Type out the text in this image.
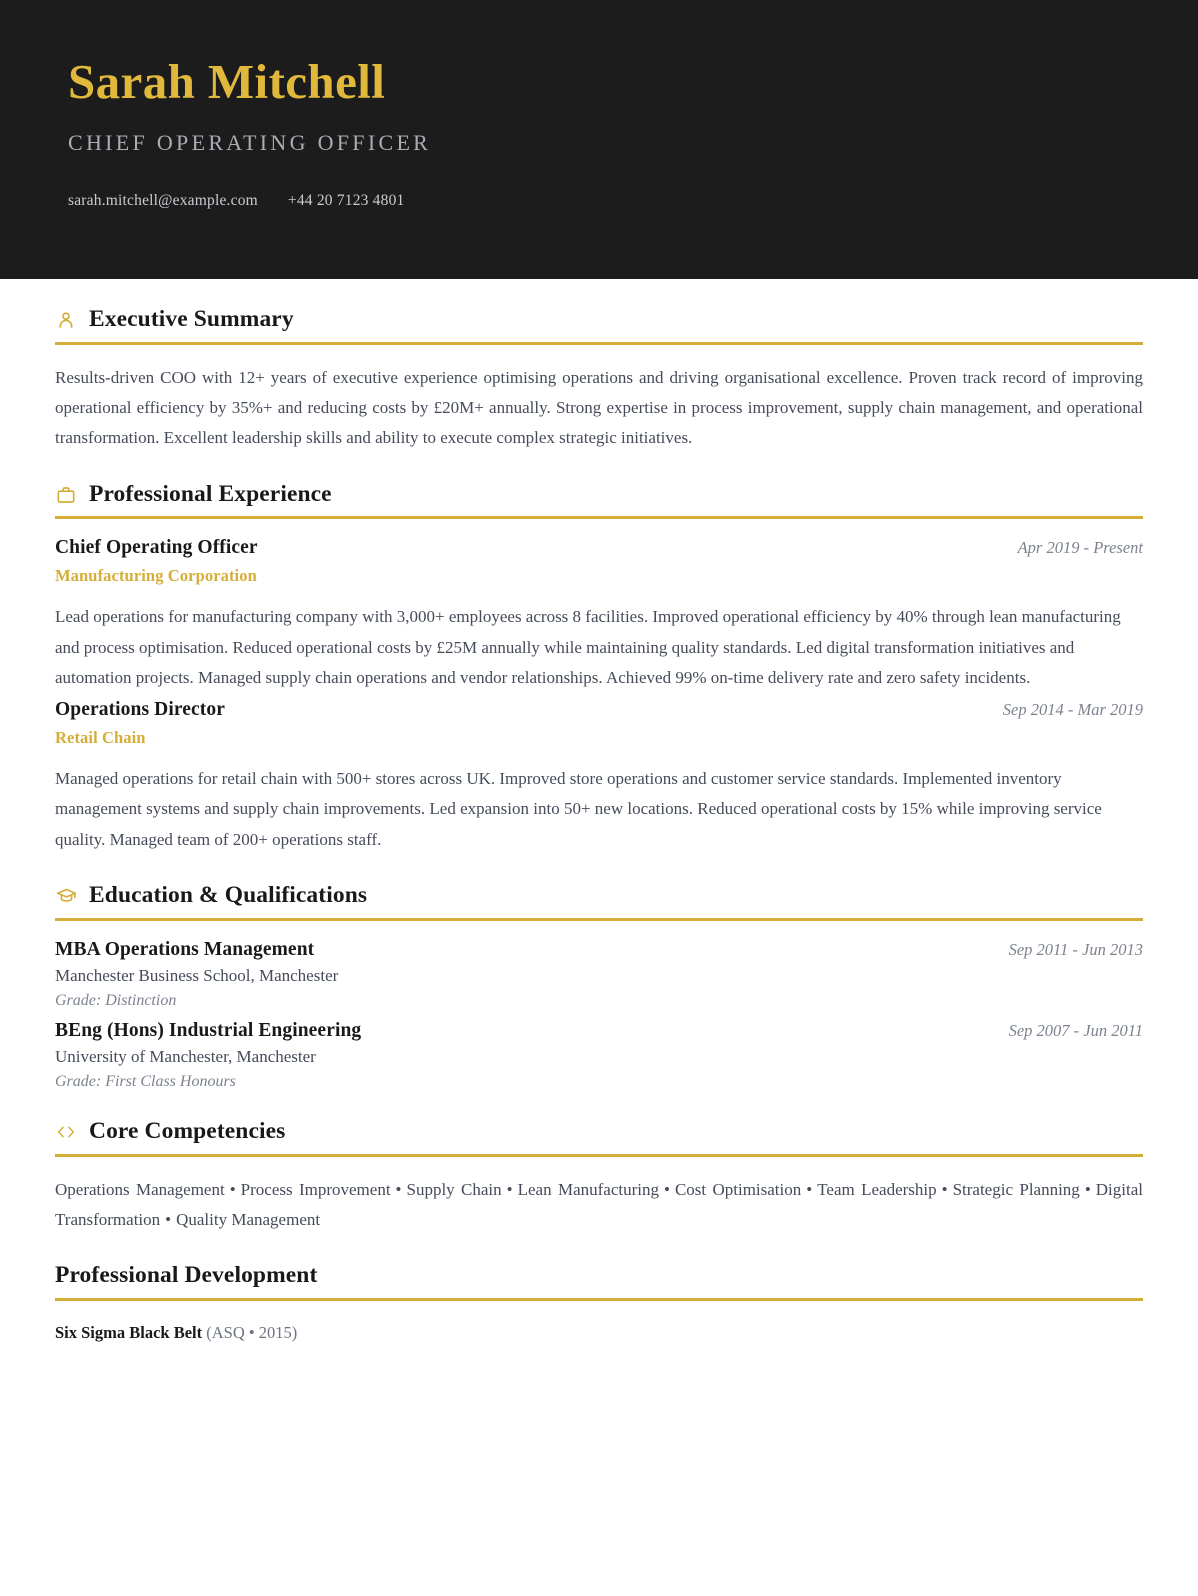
Sarah Mitchell
CHIEF OPERATING OFFICER
sarah.mitchell@example.com +44 20 7123 4801
Executive Summary

Results-driven COO with 12+ years of executive experience optimising operations and driving organisational excellence. Proven track record of improving operational efficiency by 35%+ and reducing costs by £20M+ annually. Strong expertise in process improvement, supply chain management, and operational transformation. Excellent leadership skills and ability to execute complex strategic initiatives.

Professional Experience
Chief Operating Officer	Apr 2019 - Present
Manufacturing Corporation

Lead operations for manufacturing company with 3,000+ employees across 8 facilities. Improved operational efficiency by 40% through lean manufacturing and process optimisation. Reduced operational costs by £25M annually while maintaining quality standards. Led digital transformation initiatives and automation projects. Managed supply chain operations and vendor relationships. Achieved 99% on-time delivery rate and zero safety incidents.

Operations Director	Sep 2014 - Mar 2019
Retail Chain

Managed operations for retail chain with 500+ stores across UK. Improved store operations and customer service standards. Implemented inventory management systems and supply chain improvements. Led expansion into 50+ new locations. Reduced operational costs by 15% while improving service quality. Managed team of 200+ operations staff.

Education & Qualifications
MBA Operations Management	Sep 2011 - Jun 2013
Manchester Business School, Manchester
Grade: Distinction
BEng (Hons) Industrial Engineering	Sep 2007 - Jun 2011
University of Manchester, Manchester
Grade: First Class Honours
Core Competencies
Operations Management • Process Improvement • Supply Chain • Lean Manufacturing • Cost Optimisation • Team Leadership • Strategic Planning • Digital Transformation • Quality Management
Professional Development
Six Sigma Black Belt (ASQ • 2015)
